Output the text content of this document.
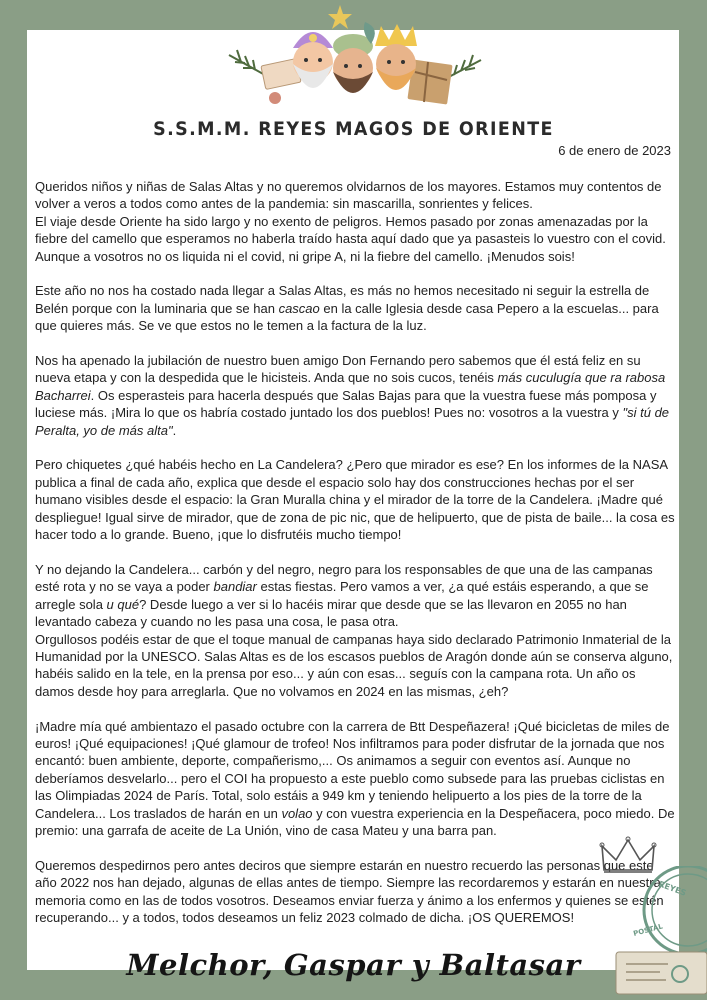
S.S.M.M. REYES MAGOS DE ORIENTE
6 de enero de 2023

Queridos niños y niñas de Salas Altas y no queremos olvidarnos de los mayores. Estamos muy contentos de volver a veros a todos como antes de la pandemia: sin mascarilla, sonrientes y felices.

El viaje desde Oriente ha sido largo y no exento de peligros. Hemos pasado por zonas amenazadas por la fiebre del camello que esperamos no haberla traído hasta aquí dado que ya pasasteis lo vuestro con el covid. Aunque a vosotros no os liquida ni el covid, ni gripe A, ni la fiebre del camello. ¡Menudos sois!

Este año no nos ha costado nada llegar a Salas Altas, es más no hemos necesitado ni seguir la estrella de Belén porque con la luminaria que se han cascao en la calle Iglesia desde casa Pepero a la escuelas... para que quieres más. Se ve que estos no le temen a la factura de la luz.

Nos ha apenado la jubilación de nuestro buen amigo Don Fernando pero sabemos que él está feliz en su nueva etapa y con la despedida que le hicisteis. Anda que no sois cucos, tenéis más cuculugía que ra rabosa Bacharrei. Os esperasteis para hacerla después que Salas Bajas para que la vuestra fuese más pomposa y luciese más. ¡Mira lo que os habría costado juntado los dos pueblos! Pues no: vosotros a la vuestra y "si tú de Peralta, yo de más alta".

Pero chiquetes ¿qué habéis hecho en La Candelera? ¿Pero que mirador es ese? En los informes de la NASA publica a final de cada año, explica que desde el espacio solo hay dos construcciones hechas por el ser humano visibles desde el espacio: la Gran Muralla china y el mirador de la torre de la Candelera. ¡Madre qué despliegue! Igual sirve de mirador, que de zona de pic nic, que de helipuerto, que de pista de baile... la cosa es hacer todo a lo grande. Bueno, ¡que lo disfrutéis mucho tiempo!

Y no dejando la Candelera... carbón y del negro, negro para los responsables de que una de las campanas esté rota y no se vaya a poder bandiar estas fiestas. Pero vamos a ver, ¿a qué estáis esperando, a que se arregle sola u qué? Desde luego a ver si lo hacéis mirar que desde que se las llevaron en 2055 no han levantado cabeza y cuando no les pasa una cosa, le pasa otra.

Orgullosos podéis estar de que el toque manual de campanas haya sido declarado Patrimonio Inmaterial de la Humanidad por la UNESCO. Salas Altas es de los escasos pueblos de Aragón donde aún se conserva alguno, habéis salido en la tele, en la prensa por eso... y aún con esas... seguís con la campana rota. Un año os damos desde hoy para arreglarla. Que no volvamos en 2024 en las mismas, ¿eh?

¡Madre mía qué ambientazo el pasado octubre con la carrera de Btt Despeñazera! ¡Qué bicicletas de miles de euros! ¡Qué equipaciones! ¡Qué glamour de trofeo! Nos infiltramos para poder disfrutar de la jornada que nos encantó: buen ambiente, deporte, compañerismo,... Os animamos a seguir con eventos así. Aunque no deberíamos desvelarlo... pero el COI ha propuesto a este pueblo como subsede para las pruebas ciclistas en las Olimpiadas 2024 de París. Total, solo estáis a 949 km y teniendo helipuerto a los pies de la torre de la Candelera... Los traslados de harán en un volao y con vuestra experiencia en la Despeñacera, poco miedo. De premio: una garrafa de aceite de La Unión, vino de casa Mateu y una barra pan.

Queremos despedirnos pero antes deciros que siempre estarán en nuestro recuerdo las personas que este año 2022 nos han dejado, algunas de ellas antes de tiempo. Siempre las recordaremos y estarán en nuestra memoria como en las de todos vosotros. Deseamos enviar fuerza y ánimo a los enfermos y quienes se estén recuperando... y a todos, todos deseamos un feliz 2023 colmado de dicha. ¡OS QUEREMOS!

Melchor, Gaspar y Baltasar
REYES
POSTAL
